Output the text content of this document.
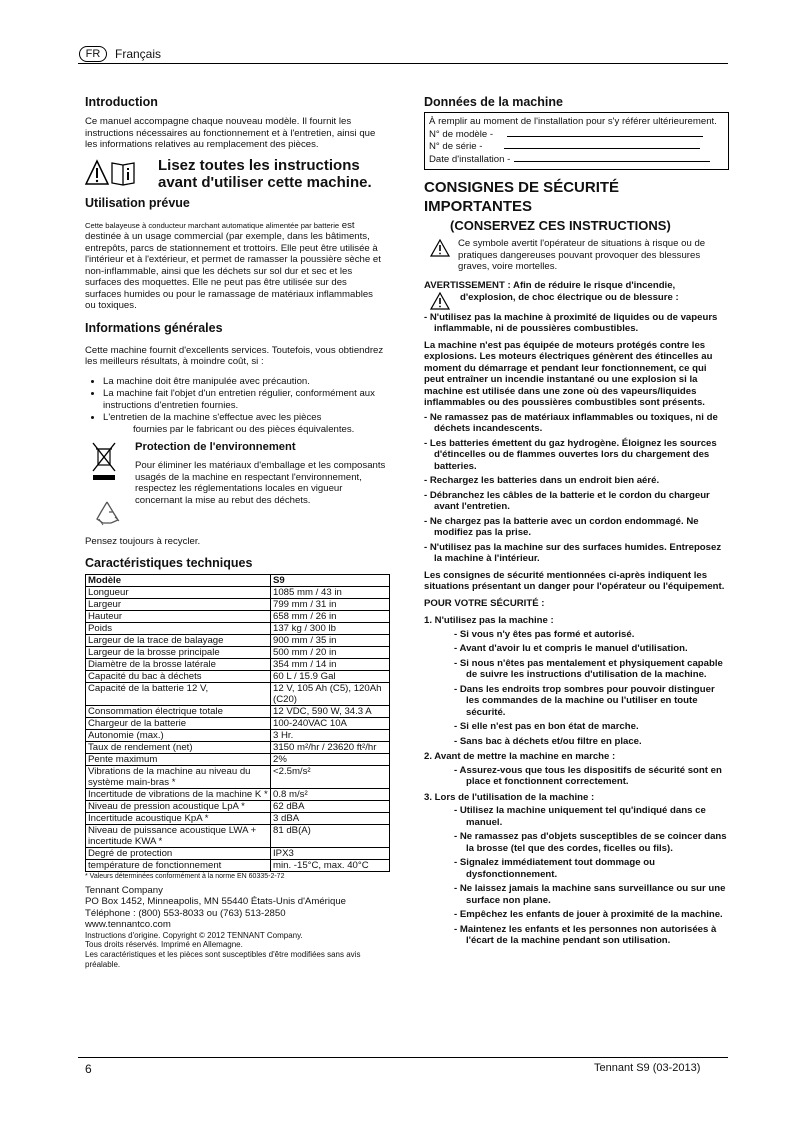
FR	Français
Introduction

Ce manuel accompagne chaque nouveau modèle. Il fournit les instructions nécessaires au fonctionnement et à l'entretien, ainsi que les informations relatives au remplacement des pièces.

Lisez toutes les instructions
avant d'utiliser cette machine.
Utilisation prévue

Cette balayeuse à conducteur marchant automatique alimentée par batterie est destinée à un usage commercial (par exemple, dans les bâtiments, entrepôts, parcs de stationnement et trottoirs. Elle peut être utilisée à l'intérieur et à l'extérieur, et permet de ramasser la poussière sèche et non-inflammable, ainsi que les déchets sur sol dur et sec et les surfaces des moquettes. Elle ne peut pas être utilisée sur des surfaces humides ou pour le ramassage de matériaux inflammables ou toxiques.

Informations générales

Cette machine fournit d'excellents services. Toutefois, vous obtiendrez les meilleurs résultats, à moindre coût, si :

• La machine doit être manipulée avec précaution.
• La machine fait l'objet d'un entretien régulier, conformément aux instructions d'entretien fournies.
• L'entretien de la machine s'effectue avec les pièces

fournies par le fabricant ou des pièces équivalentes.
Protection de l'environnement
Pour éliminer les matériaux d'emballage et les composants usagés de la machine en respectant l'environnement, respectez les réglementations locales en vigueur concernant la mise au rebut des déchets.

Pensez toujours à recycler.

Caractéristiques techniques
Modèle	S9
Longueur	1085 mm / 43 in
Largeur	799 mm / 31 in
Hauteur	658 mm / 26 in
Poids	137 kg / 300 lb
Largeur de la trace de balayage	900 mm / 35 in
Largeur de la brosse principale	500 mm / 20 in
Diamètre de la brosse latérale	354 mm / 14 in
Capacité du bac à déchets	60 L / 15.9 Gal
Capacité de la batterie 12 V,	12 V, 105 Ah (C5), 120Ah (C20)
Consommation électrique totale	12 VDC, 590 W, 34.3 A
Chargeur de la batterie	100-240VAC 10A
Autonomie (max.)	3 Hr.
Taux de rendement (net)	3150 m²/hr / 23620 ft²/hr
Pente maximum	2%
Vibrations de la machine au niveau du système main-bras *	<2.5m/s²
Incertitude de vibrations de la machine K *	0.8 m/s²
Niveau de pression acoustique LpA *	62 dBA
Incertitude acoustique KpA *	3 dBA
Niveau de puissance acoustique LWA + incertitude KWA *	81 dB(A)
Degré de protection	IPX3
température de fonctionnement	min. -15°C, max. 40°C
* Valeurs déterminées conformément à la norme EN 60335-2-72
Tennant Company
PO Box 1452, Minneapolis, MN 55440 États-Unis d'Amérique
Téléphone : (800) 553-8033 ou (763) 513-2850
www.tennantco.com
Instructions d'origine. Copyright © 2012 TENNANT Company.
Tous droits réservés. Imprimé en Allemagne.
Les caractéristiques et les pièces sont susceptibles d'être modifiées sans avis préalable.
Données de la machine
À remplir au moment de l'installation pour s'y référer ultérieurement.
N° de modèle -
N° de série -
Date d'installation -
CONSIGNES DE SÉCURITÉ
IMPORTANTES
(CONSERVEZ CES INSTRUCTIONS)
Ce symbole avertit l'opérateur de situations à risque ou de pratiques dangereuses pouvant provoquer des blessures graves, voire mortelles.
AVERTISSEMENT : Afin de réduire le risque d'incendie,
d'explosion, de choc électrique ou de blessure :
- N'utilisez pas la machine à proximité de liquides ou de vapeurs inflammable, ni de poussières combustibles.
La machine n'est pas équipée de moteurs protégés contre les explosions. Les moteurs électriques génèrent des étincelles au moment du démarrage et pendant leur fonctionnement, ce qui peut entraîner un incendie instantané ou une explosion si la machine est utilisée dans une zone où des vapeurs/liquides inflammables ou des poussières combustibles sont présents.
- Ne ramassez pas de matériaux inflammables ou toxiques, ni de déchets incandescents.
- Les batteries émettent du gaz hydrogène. Éloignez les sources d'étincelles ou de flammes ouvertes lors du chargement des batteries.
- Rechargez les batteries dans un endroit bien aéré.
- Débranchez les câbles de la batterie et le cordon du chargeur avant l'entretien.
- Ne chargez pas la batterie avec un cordon endommagé. Ne modifiez pas la prise.
- N'utilisez pas la machine sur des surfaces humides. Entreposez la machine à l'intérieur.
Les consignes de sécurité mentionnées ci-après indiquent les situations présentant un danger pour l'opérateur ou l'équipement.
POUR VOTRE SÉCURITÉ :
1. N'utilisez pas la machine :
- Si vous n'y êtes pas formé et autorisé.
- Avant d'avoir lu et compris le manuel d'utilisation.
- Si nous n'êtes pas mentalement et physiquement capable de suivre les instructions d'utilisation de la machine.
- Dans les endroits trop sombres pour pouvoir distinguer les commandes de la machine ou l'utiliser en toute sécurité.
- Si elle n'est pas en bon état de marche.
- Sans bac à déchets et/ou filtre en place.
2. Avant de mettre la machine en marche :
- Assurez-vous que tous les dispositifs de sécurité sont en place et fonctionnent correctement.
3. Lors de l'utilisation de la machine :
- Utilisez la machine uniquement tel qu'indiqué dans ce manuel.
- Ne ramassez pas d'objets susceptibles de se coincer dans la brosse (tel que des cordes, ficelles ou fils).
- Signalez immédiatement tout dommage ou dysfonctionnement.
- Ne laissez jamais la machine sans surveillance ou sur une surface non plane.
- Empêchez les enfants de jouer à proximité de la machine.
- Maintenez les enfants et les personnes non autorisées à l'écart de la machine pendant son utilisation.
6	Tennant S9 (03-2013)
